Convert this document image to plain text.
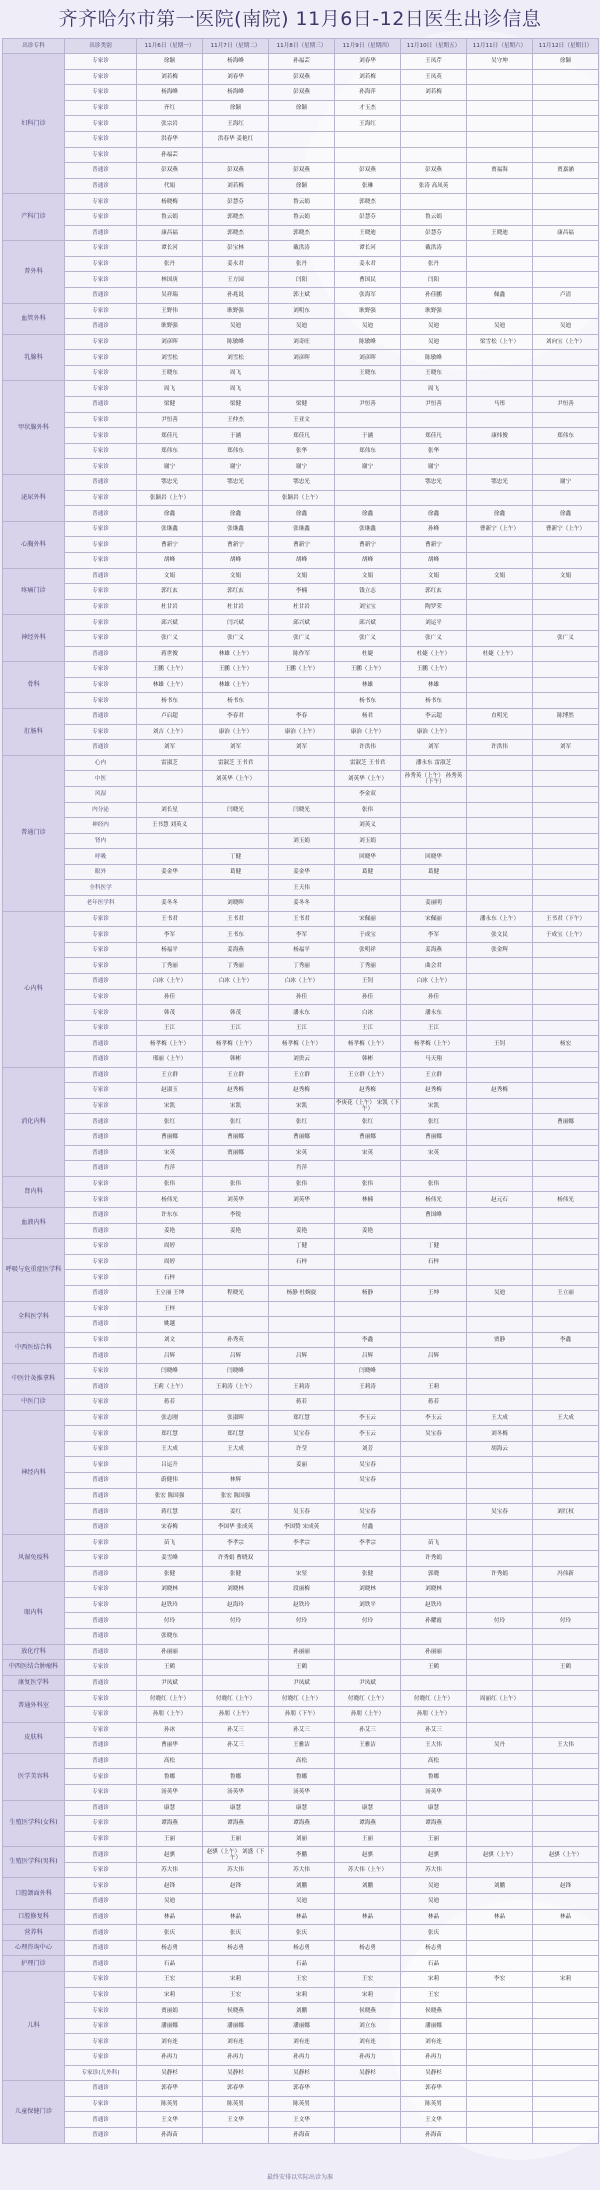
齐齐哈尔市第一医院(南院) 11月6日-12日医生出诊信息
出诊专科	出诊类别	11月6日（星期一）	11月7日（星期二）	11月8日（星期三）	11月9日（星期四）	11月10日（星期五）	11月11日（星期六）	11月12日（星期日）
妇科门诊	专家诊	徐颖	杨海峰	孙福芸	刘春华	王凤芹	吴守坤	徐颖
	专家诊	刘若梅	刘春华	彭双燕	刘若梅	王凤英		
	专家诊	杨海峰	杨海峰	彭双燕	孙海萍	刘若梅		
	专家诊	齐红	徐颖	徐颖	才玉杰			
	专家诊	张宗岩	王海红		王海红			
	专家诊	洪春华	洪春华 姜艳红					
	专家诊	孙福芸						
	普通诊	彭双燕	彭双燕	彭双燕	彭双燕	彭双燕	贾福海	贾嘉涵
	普通诊	代娟	刘若梅	徐颖	张琳	张涛 高凤英		
产科门诊	专家诊	杨晓梅	彭慧芬	鲁云娟	郭晓杰			
	专家诊	鲁云娟	郭晓杰	鲁云娟	彭慧芬	鲁云娟		
	普通诊	康昌福	郭晓杰	郭晓杰	王晓迪	彭慧芬	王晓迪	康昌福
普外科	专家诊	谭长河	彭宝林	戴洪涛	谭长河	戴洪涛		
	专家诊	张丹	姜永君	张丹	姜永君	张丹		
	专家诊	林国庚	王方园	闫阳	曹国民	闫阳		
	普通诊	吴祥瑞	孙兆说	郭士斌	张海军	孙佳鹏	佩鑫	卢清
血管外科	专家诊	王野伟	耿野强	刘明东	耿野强	耿野强		
	普通诊	耿野强	吴迪	吴迪	吴迪	吴迪	吴迪	吴迪
乳腺科	专家诊	刘彦晖	陈敏峰	刘奇旺	陈敏峰	吴迪	梁雪松（上午）	刘向宝（上午）
	专家诊	刘雪松	刘雪松	刘彦晖	刘彦晖	陈敏峰		
	专家诊	王晓东	周飞		王晓东	王晓东		
甲状腺外科	专家诊	周飞	周飞			周飞		
	普通诊	梁健	梁健	梁健	尹恒善	尹恒善	马彤	尹恒善
	专家诊	尹恒善	王仲杰	王亚文				
	专家诊	郑佳凡	于涵	郑佳凡	于涵	郑佳凡	康炜俊	郑伟东
	专家诊	郑伟东	郑伟东	张华	郑伟东	张华		
	专家诊	谢宁	谢宁	谢宁	谢宁	谢宁		
泌尿外科	普通诊	鄂忠光	鄂忠光	鄂忠光		鄂忠光	鄂忠光	谢宁
	专家诊	张颖岩（上午）		张颖岩（上午）				
	普通诊	徐鑫	徐鑫	徐鑫	徐鑫	徐鑫	徐鑫	徐鑫
心胸外科	专家诊	张继鑫	张继鑫	张继鑫	张继鑫	孙峰	曹新宁（上午）	曹新宁（上午）
	专家诊	曹新宁	曹新宁	曹新宁	曹新宁	曹新宁		
	专家诊	胡峰	胡峰	胡峰	胡峰	胡峰		
疼痛门诊	普通诊	文娟	文娟	文娟	文娟	文娟	文娟	文娟
	专家诊	郭红玄	郭红玄	李楠	钱立志	郭红玄		
	专家诊	杜甘岩	杜甘岩	杜甘岩	刘宝宝	陶罗荣		
神经外科	专家诊	邱兴斌	闫兴斌	邱兴斌	邱兴斌	刘运平		
	专家诊	张广义	张广义	张广义	张广义	张广义		张广义
	普通诊	蒋世俊	林雄（上午）	陈作军	杜婕	杜婕（上午）	杜婕（上午）	
骨科	专家诊	王鹏（上午）	王鹏（上午）	王鹏（上午）	王鹏（上午）	王鹏（上午）		
	专家诊	林雄（上午）	林雄（上午）		林雄	林雄		
	专家诊	杨书东	杨书东		杨书东	杨书东		
肛肠科	普通诊	卢启超	李春君	李春	杨君	李云超	直明光	陈博然
	专家诊	刘吉（上午）	康治（上午）	康治（上午）	康治（上午）	康治（上午）		
	普通诊	刘军	刘军	刘军	许洪伟	刘军	许洪伟	刘军
普通门诊	心内	雷淑芝	雷淑芝 王书君		雷淑芝 王书君	潘永东 雷淑芝		
	中医		刘英华（上午）		刘英华（上午）	孙秀英（上午） 孙秀英（下午）		
	风湿				李金双			
	内分泌	刘长星	闫晓光	闫晓光	张伟			
	神经内	王书慧 刘英义			刘英义			
	肾内			刘玉娟	刘玉娟			
	呼吸		丁健		回晓华	回晓华		
	眼外	姜金华	葛健	姜金华	葛健	葛健		
	全科医学			王天伟				
	老年医学科	姜冬冬	刘晓晖	姜冬冬		姜丽明		
心内科	专家诊	王书君	王书君	王书君	宋佩丽	宋佩丽	潘永东（上午）	王书君（下午）
	专家诊	李军	王书东	李军	于成宝	李军	张文民	于成宝（上午）
	专家诊	杨福平	姜海燕	杨福平	张明祥	姜海燕	张金辉	
	专家诊	丁秀丽	丁秀丽	丁秀丽	丁秀丽	曲会君		
	普通诊	白冰（上午）	白冰（上午）	白冰（上午）	王钊	白冰（上午）		
	专家诊	孙佳		孙佳	孙佳	孙佳		
	专家诊	韩茂	韩茂	潘永东	白冰	潘永东		
	专家诊	王江	王江	王江	王江	王江		
	普通诊	杨孝梅（上午）	杨孝梅（上午）	杨孝梅（上午）	杨孝梅（上午）	杨孝梅（上午）	王钊	杨宏
	普通诊	邢丽（上午）	韩彬	刘贵云	韩彬	马天翔		
消化内科	普通诊	王立群	王立群	王立群	王立群（上午）	王立群		
	专家诊	赵淑玉	赵秀梅	赵秀梅	赵秀梅	赵秀梅	赵秀梅	
	专家诊	宋凯	宋凯	宋凯	李庚花（上午） 宋凯（下午）	宋凯		
	普通诊	张红	张红	张红	张红	张红		曹丽娜
	普通诊	曹丽娜	曹丽娜	曹丽娜	曹丽娜	曹丽娜		
	普通诊	宋英	贾丽娜	宋英	宋英	宋英		
	普通诊	肖萍		肖萍				
肾内科	专家诊	张伟	张伟	张伟	张伟	张伟		
	专家诊	杨伟光	刘英华	刘英华	林楠	杨伟光	赵元石	杨伟光
血液内科	普通诊	许东东	李锐			曹国峰		
	普通诊	姜艳	姜艳	姜艳	姜艳			
呼吸与危重症医学科	专家诊	周婷		丁健		丁健		
	专家诊	周婷		石梓		石梓		
	专家诊	石梓						
	普通诊	王立丽 王坤	程晓光	杨静 杜婉旋	杨静	王坤	吴迪	王立丽
全科医学科	专家诊	王梓						
	普通诊	姚越						
中西医结合科	专家诊	刘文	孙秀英		李鑫		贾静	李鑫
	普通诊	吕辉	吕辉	吕辉	吕辉	吕辉		
中医针灸推拿科	专家诊	闫晓峰	闫晓峰		闫晓峰			
	普通诊	王莉（上午）	王莉涛（上午）	王莉涛	王莉涛	王莉		
中医门诊	专家诊	蒋若		蒋若		蒋若		
神经内科	专家诊	张志刚	张淑晖	郑红慧	李玉云	李玉云	王大成	王大成
	专家诊	郑红慧	郑红慧	吴宝春	李玉云	吴宝春	刘冬梅	
	专家诊	王大成	王大成	许莹	刘芳		胡海云	
	专家诊	吕运升		姜丽	吴宝春			
	普通诊	蔚健伟	林辉		吴宝春			
	普通诊	张宏 陈国强	张宏 陈国强					
	普通诊	蒋红慧	姜红	吴玉春	吴宝春		吴宝春	刘红权
	普通诊	宋春梅	李国华 张成英	李国赞 宋成英	付鑫			
风湿免疫科	专家诊	苗飞	李孝宗	李孝宗	李孝宗	苗飞		
	专家诊	姜雪峰	许秀娟 曹晓双			许秀娟		
	普通诊	张健	张健	宋堃	张健	郭晓	许秀娟	冯伟新
眼内科	专家诊	刘晓林	刘晓林	段丽梅	刘晓林	刘晓林		
	专家诊	赵铁玲	赵海玲	赵铁玲	刘铁平	赵铁玲		
	普通诊	付玲	付玲	付玲	付玲	孙耀霞	付玲	付玲
	普通诊	张晓东						
放化疗科	普通诊	孙丽丽		孙丽丽		孙丽丽		
中西医结合肿瘤科	专家诊	王鹤		王鹤		王鹤		王鹤
康复医学科	普通诊	尹凤斌		尹凤斌	尹凤斌			
普通外科室	专家诊	付晓红（上午）	付晓红（上午）	付晓红（上午）	付晓红（上午）	付晓红（上午）	周丽红（上午）	
	专家诊	孙朋（上午）	孙朋（上午）	孙朋（下午）	孙朋（上午）	孙朋（上午）		
皮肤科	专家诊	孙冰	孙艾三	孙艾三	孙艾三	孙艾三		
	普通诊	曹丽华	孙艾三	王雅洁	王雅洁	王大伟	吴丹	王大伟
医学美容科	普通诊	高松		高松		高松		
	专家诊	鲁娜	鲁娜	鲁娜		鲁娜		
	专家诊	汤英华	汤英华	汤英华		汤英华		
生殖医学科(女科)	普通诊	康慧	康慧	康慧	康慧	康慧		
	专家诊	谭海燕	谭海燕	谭海燕	谭海燕	谭海燕		
	专家诊	王丽	王丽	刘丽	王丽	王丽		
生殖医学科(男科)	普通诊	赵骐	赵骐（上午） 刘盛（下午）	李鹏	赵骐	赵骐	赵骐（上午）	赵骐（上午）
	专家诊	苏大伟	苏大伟	苏大伟	苏大伟（上午）	苏大伟		
口腔颌面外科	专家诊	赵锋	赵锋	刘鹏	刘鹏	吴迪	刘鹏	赵锋
	普通诊	吴迪		吴迪		吴迪		
口腔修复科	普通诊	林晶	林晶	林晶	林晶	林晶	林晶	林晶
营养科	普通诊	张庆	张庆	张庆		张庆		
心理咨询中心	普通诊	杨志勇	杨志勇	杨志勇	杨志勇	杨志勇		
护理门诊	普通诊	石晶		石晶		石晶		
儿科	专家诊	王宏	宋莉	王宏	王宏	宋莉	李宏	宋莉
	专家诊	宋莉	王宏	宋莉	宋莉	王宏		
	专家诊	贾丽娟	侯晓燕	刘鹏	侯晓燕	侯晓燕		
	专家诊	潘丽娜	潘丽娜	潘丽娜	刘立东	潘丽娜		
	专家诊	刘有连	刘有连	刘有连	刘有连	刘有连		
	专家诊	孙再力	孙再力	孙再力	孙再力	孙再力		
	专家诊(儿外科)	吴静杉	吴静杉	吴静杉	吴静杉	吴静杉		
儿童保健门诊	普通诊	郭春华	郭春华	郭春华		郭春华		
	专家诊	陈英男	陈英男	陈英男		陈英男		
	普通诊	王文华	王文华	王文华		王文华		
	普通诊	孙海苗		孙海苗		孙海苗		
最终安排以实际出诊为准
